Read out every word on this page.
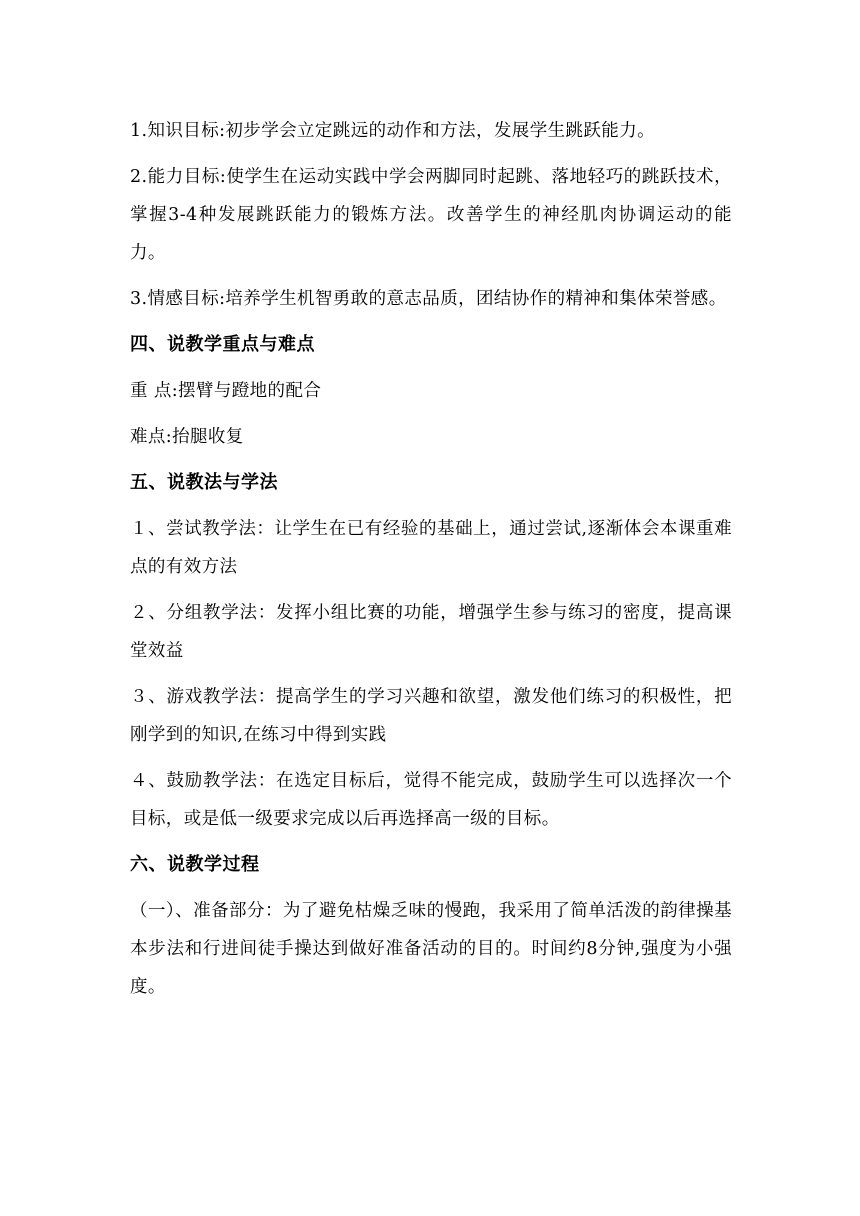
1.知识目标:初步学会立定跳远的动作和方法，发展学生跳跃能力。

2.能力目标:使学生在运动实践中学会两脚同时起跳、落地轻巧的跳跃技术，掌握3-4种发展跳跃能力的锻炼方法。改善学生的神经肌肉协调运动的能力。

3.情感目标:培养学生机智勇敢的意志品质，团结协作的精神和集体荣誉感。

四、说教学重点与难点

重 点:摆臂与蹬地的配合

难点:抬腿收复

五、说教法与学法

１、尝试教学法：让学生在已有经验的基础上，通过尝试,逐渐体会本课重难点的有效方法

２、分组教学法：发挥小组比赛的功能，增强学生参与练习的密度，提高课堂效益

３、游戏教学法：提高学生的学习兴趣和欲望，激发他们练习的积极性，把刚学到的知识,在练习中得到实践

４、鼓励教学法：在选定目标后，觉得不能完成，鼓励学生可以选择次一个目标，或是低一级要求完成以后再选择高一级的目标。

六、说教学过程

（一）、准备部分：为了避免枯燥乏味的慢跑，我采用了简单活泼的韵律操基本步法和行进间徒手操达到做好准备活动的目的。时间约8分钟,强度为小强度。
